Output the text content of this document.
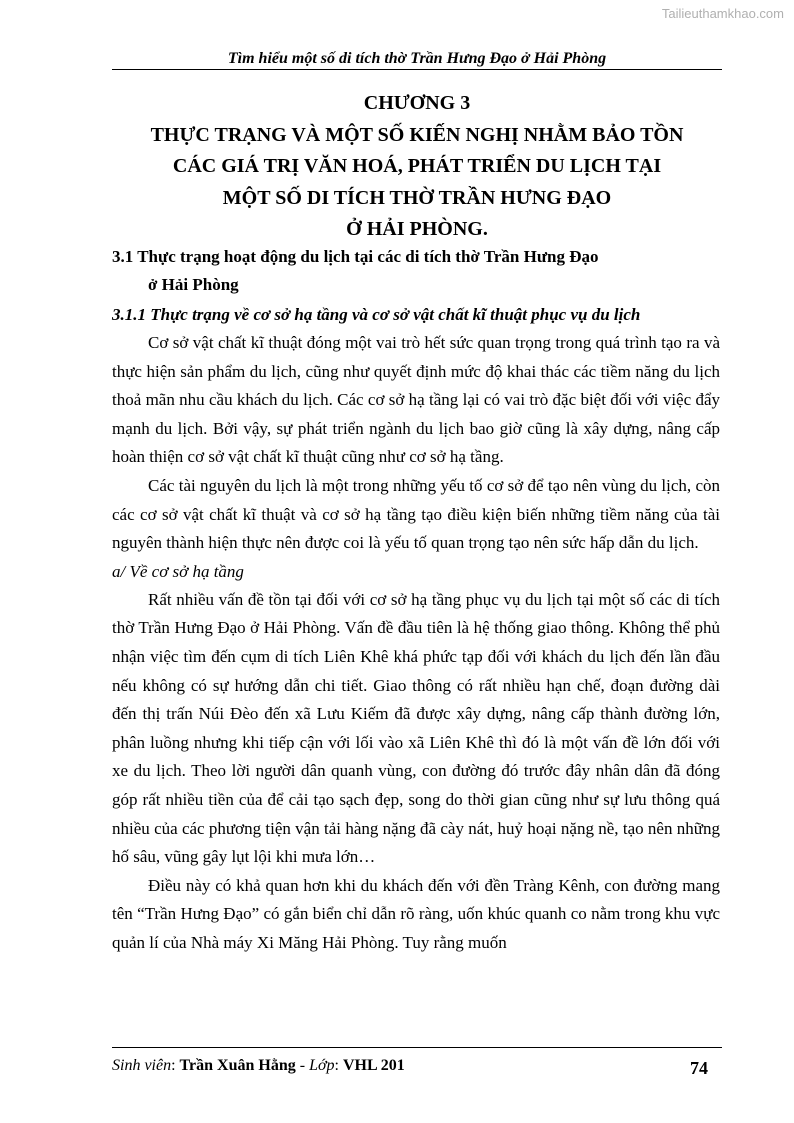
Tailieuthamkhao.com
Tìm hiểu một số di tích thờ Trần Hưng Đạo ở Hải Phòng
CHƯƠNG 3
THỰC TRẠNG VÀ MỘT SỐ KIẾN NGHỊ NHẰM BẢO TỒN
CÁC GIÁ TRỊ VĂN HOÁ, PHÁT TRIỂN DU LỊCH TẠI
MỘT SỐ DI TÍCH THỜ TRẦN HƯNG ĐẠO
Ở HẢI PHÒNG.
3.1 Thực trạng hoạt động du lịch tại các di tích thờ Trần Hưng Đạo
ở Hải Phòng
3.1.1 Thực trạng về cơ sở hạ tầng và cơ sở vật chất kĩ thuật phục vụ du lịch

Cơ sở vật chất kĩ thuật đóng một vai trò hết sức quan trọng trong quá trình tạo ra và thực hiện sản phẩm du lịch, cũng như quyết định mức độ khai thác các tiềm năng du lịch thoả mãn nhu cầu khách du lịch. Các cơ sở hạ tầng lại có vai trò đặc biệt đối với việc đẩy mạnh du lịch. Bởi vậy, sự phát triển ngành du lịch bao giờ cũng là xây dựng, nâng cấp hoàn thiện cơ sở vật chất kĩ thuật cũng như cơ sở hạ tầng.

Các tài nguyên du lịch là một trong những yếu tố cơ sở để tạo nên vùng du lịch, còn các cơ sở vật chất kĩ thuật và cơ sở hạ tầng tạo điều kiện biến những tiềm năng của tài nguyên thành hiện thực nên được coi là yếu tố quan trọng tạo nên sức hấp dẫn du lịch.

a/ Về cơ sở hạ tầng

Rất nhiều vấn đề tồn tại đối với cơ sở hạ tầng phục vụ du lịch tại một số các di tích thờ Trần Hưng Đạo ở Hải Phòng. Vấn đề đầu tiên là hệ thống giao thông. Không thể phủ nhận việc tìm đến cụm di tích Liên Khê khá phức tạp đối với khách du lịch đến lần đầu nếu không có sự hướng dẫn chi tiết. Giao thông có rất nhiều hạn chế, đoạn đường dài đến thị trấn Núi Đèo đến xã Lưu Kiếm đã được xây dựng, nâng cấp thành đường lớn, phân luồng nhưng khi tiếp cận với lối vào xã Liên Khê thì đó là một vấn đề lớn đối với xe du lịch. Theo lời người dân quanh vùng, con đường đó trước đây nhân dân đã đóng góp rất nhiều tiền của để cải tạo sạch đẹp, song do thời gian cũng như sự lưu thông quá nhiều của các phương tiện vận tải hàng nặng đã cày nát, huỷ hoại nặng nề, tạo nên những hố sâu, vũng gây lụt lội khi mưa lớn…

Điều này có khả quan hơn khi du khách đến với đền Tràng Kênh, con đường mang tên “Trần Hưng Đạo” có gắn biển chỉ dẫn rõ ràng, uốn khúc quanh co nằm trong khu vực quản lí của Nhà máy Xi Măng Hải Phòng. Tuy rằng muốn

Sinh viên: Trần Xuân Hằng - Lớp: VHL 201	74
